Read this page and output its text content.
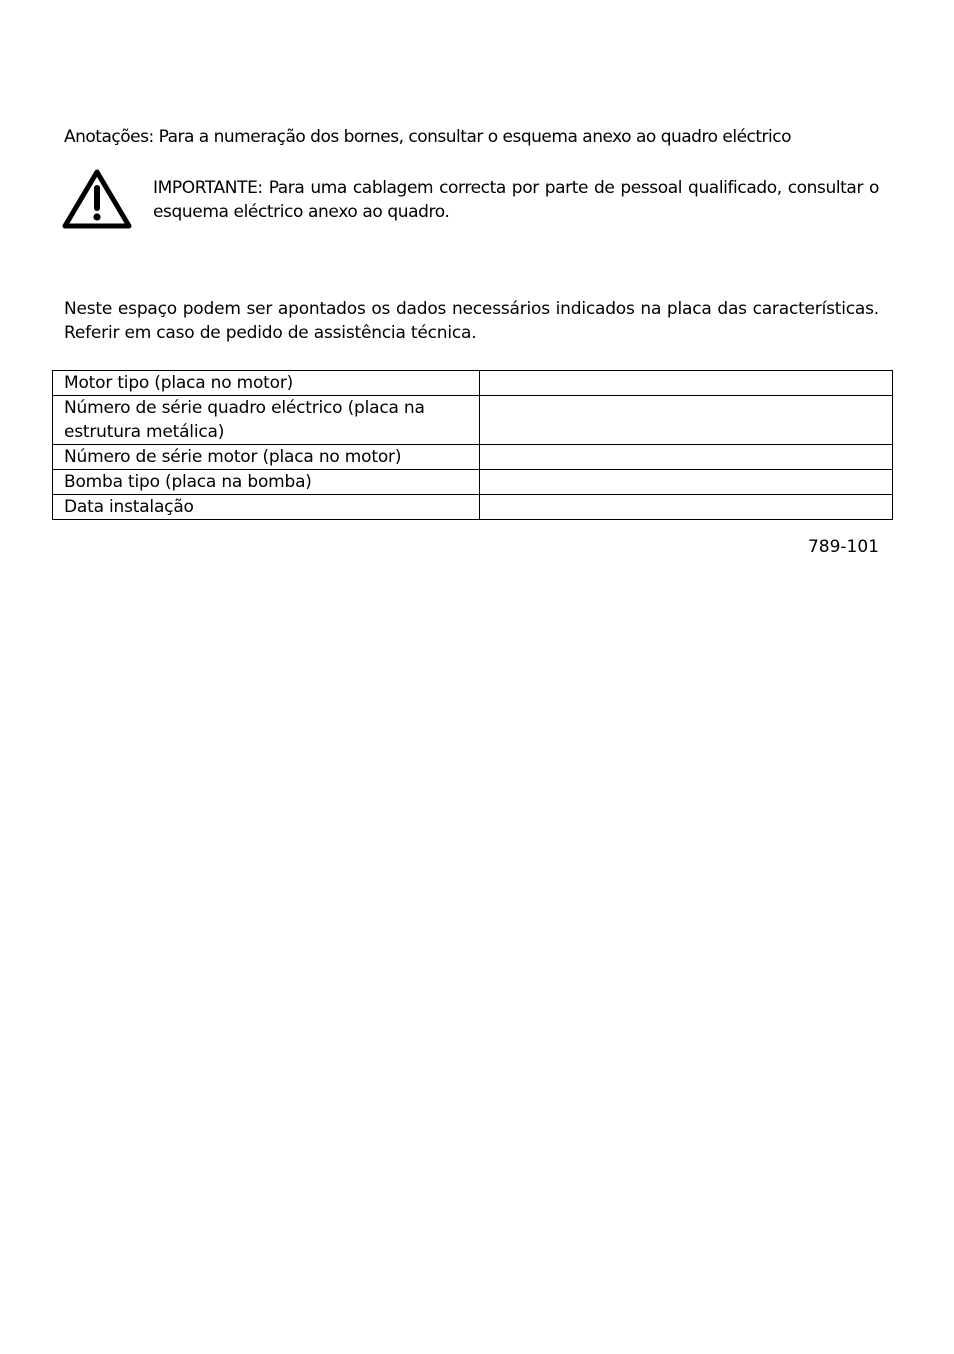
Anotações: Para a numeração dos bornes, consultar o esquema anexo ao quadro eléctrico
IMPORTANTE: Para uma cablagem correcta por parte de pessoal qualificado, consultar o esquema eléctrico anexo ao quadro.
Neste espaço podem ser apontados os dados necessários indicados na placa das características. Referir em caso de pedido de assistência técnica.
Motor tipo (placa no motor)	
Número de série quadro eléctrico (placa na estrutura metálica)	
Número de série motor (placa no motor)	
Bomba tipo (placa na bomba)	
Data instalação	
789-101
